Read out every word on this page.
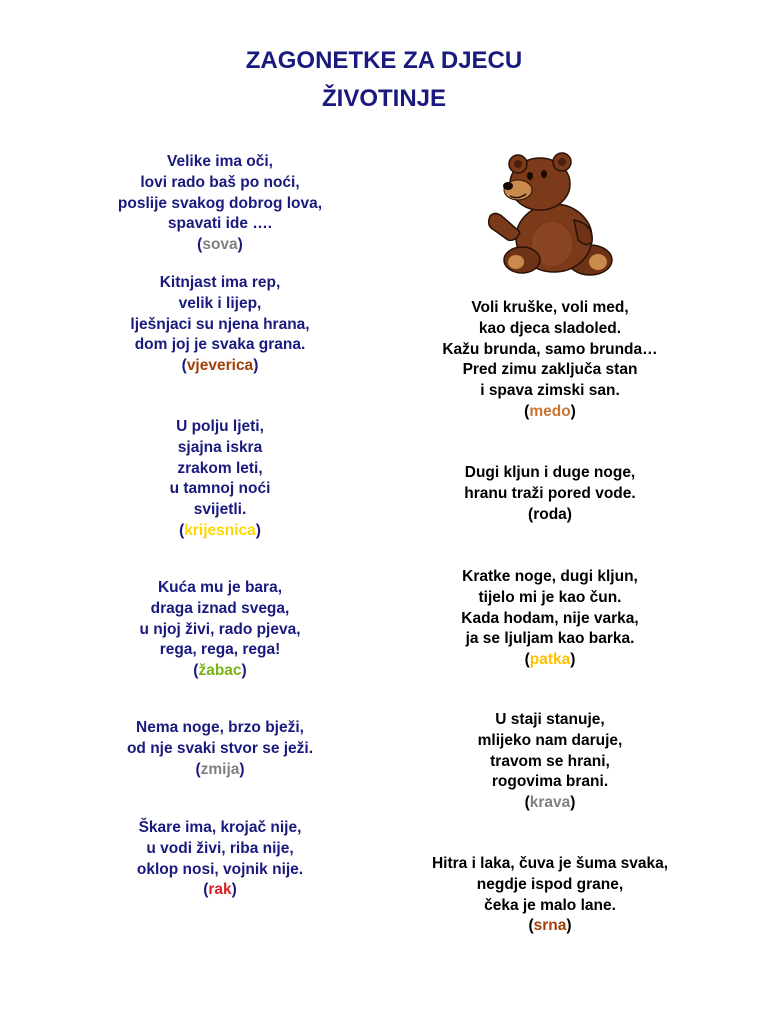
ZAGONETKE ZA DJECU
ŽIVOTINJE
Velike ima oči,
lovi rado baš po noći,
poslije svakog dobrog lova,
spavati ide ….
(sova)
Kitnjast ima rep,
velik i lijep,
lješnjaci su njena hrana,
dom joj je svaka grana.
(vjeverica)
U polju ljeti,
sjajna iskra
zrakom leti,
u tamnoj noći
svijetli.
(krijesnica)
Kuća mu je bara,
draga iznad svega,
u njoj živi, rado pjeva,
rega, rega, rega!
(žabac)
Nema noge, brzo bježi,
od nje svaki stvor se ježi.
(zmija)
Škare ima, krojač nije,
u vodi živi, riba nije,
oklop nosi, vojnik nije.
(rak)
Voli kruške, voli med,
kao djeca sladoled.
Kažu brunda, samo brunda…
Pred zimu zaključa stan
i spava zimski san.
(medo)
Dugi kljun i duge noge,
hranu traži pored vode.
(roda)
Kratke noge, dugi kljun,
tijelo mi je kao čun.
Kada hodam, nije varka,
ja se ljuljam kao barka.
(patka)
U staji stanuje,
mlijeko nam daruje,
travom se hrani,
rogovima brani.
(krava)
Hitra i laka, čuva je šuma svaka,
negdje ispod grane,
čeka je malo lane.
(srna)
